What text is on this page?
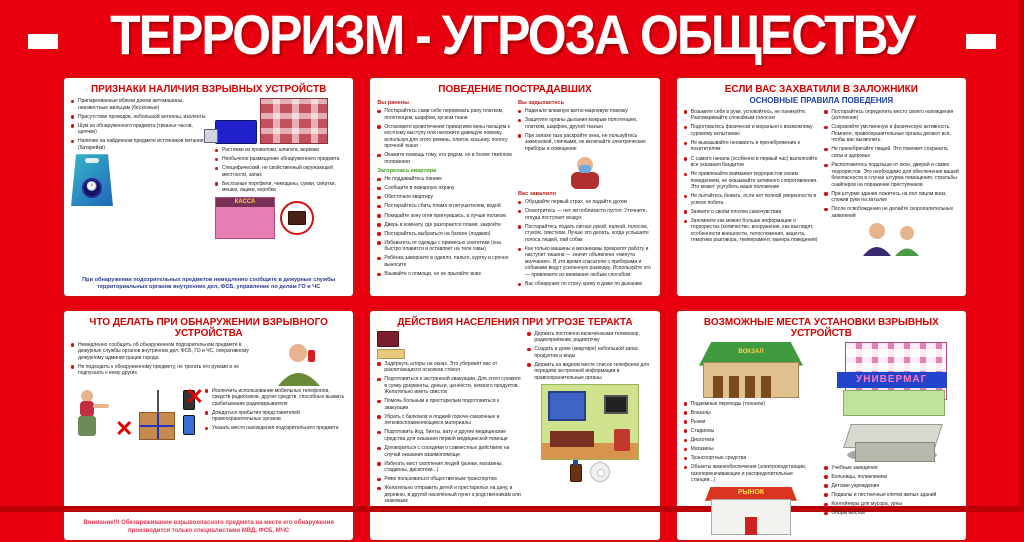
ТЕРРОРИЗМ - УГРОЗА ОБЩЕСТВУ
ПРИЗНАКИ НАЛИЧИЯ ВЗРЫВНЫХ УСТРОЙСТВ
Припаркованные вблизи домов автомашины, неизвестные жильцам (бесхозные)
Присутствие проводов, небольшой антенны, изоленты
Шум из обнаруженного предмета (тиканье часов, щелчки)
Наличие на найденном предмете источников питания (батарейки)
🕐	Растяжки из проволоки, шпагата, верёвки
Необычное размещение обнаруженного предмета
Специфический, не свойственный окружающей местности, запах
Бесхозные портфели, чемоданы, сумки, свёртки, мешки, ящики, коробки
КАССА
При обнаружении подозрительных предметов немедленно сообщите в дежурные службы территориальных органов внутренних дел, ФСБ, управление по делам ГО и ЧС
ПОВЕДЕНИЕ ПОСТРАДАВШИХ
Вы ранены
Постарайтесь сами себе перевязать рану платком, полотенцем, шарфом, куском ткани
Остановите кровотечение прижатием вены пальцем к костному выступу или наложите давящую повязку, используя для этого ремень, платок, косынку, полосу прочной ткани
Окажите помощь тому, кто рядом, но в более тяжёлом положении
Загорелась квартира
Не поддавайтесь панике
Сообщите в пожарную охрану
Обесточьте квартиру
Постарайтесь сбить пламя огнетушителем, водой
Покидайте зону огня пригнувшись, а лучше ползком
Дверь в комнату, где разгорается пламя, закройте
Постарайтесь выбраться на балкон (лоджию)
Избавьтесь от одежды с примесью синтетики (она быстро плавится и оставляет на теле язвы)
Ребёнка заверните в одеяло, пальто, куртку и срочно выносите
Взывайте о помощи, но не прыгайте вниз
Вы задыхаетесь
Наденьте влажную ватно-марлевую повязку
Защитите органы дыхания мокрым полотенцем, платком, шарфом, другой тканью
При запахе газа раскройте окна, не пользуйтесь зажигалкой, спичками, не включайте электрические приборы и освещение
Вас завалило
Обуздайте первый страх, не падайте духом
Осмотритесь — нет ли поблизости пустот. Уточните, откуда поступает воздух
Постарайтесь подать сигнал рукой, палкой, голосом, стуком, свистком. Лучше это делать, когда услышите голоса людей, лай собак
Как только машины и механизмы прекратят работу и наступит тишина — значит объявлена «минута молчания». В это время спасатели с приборами и собаками ведут усиленную разведку. Используйте это — привлеките их внимание любым способом
Вас обнаружат по стону, крику и даже по дыханию
ЕСЛИ ВАС ЗАХВАТИЛИ В ЗАЛОЖНИКИ
ОСНОВНЫЕ ПРАВИЛА ПОВЕДЕНИЯ
Возьмите себя в руки, успокойтесь, не паникуйте. Разговаривайте спокойным голосом
Подготовьтесь физически и морально к возможному суровому испытанию
Не выказывайте ненависть и пренебрежение к похитителям
С самого начала (особенно в первый час) выполняйте все указания бандитов
Не привлекайте внимания террористов своим поведением, не оказывайте активного сопротивления. Это может усугубить ваше положение
Не пытайтесь бежать, если нет полной уверенности в успехе побега
Заявите о своём плохом самочувствии
Запомните как можно больше информации о террористах (количество, вооружение, как выглядят, особенности внешности, телосложения, акцента, тематика разговора, темперамент, манера поведения)
Постарайтесь определить место своего нахождения (заточения)
Сохраняйте умственную и физическую активность. Помните, правоохранительные органы делают всё, чтобы вас вызволить
Не пренебрегайте пищей. Это поможет сохранить силы и здоровье
Расположитесь подальше от окон, дверей и самих террористов. Это необходимо для обеспечения вашей безопасности в случае штурма помещения, стрельбы снайперов на поражение преступников
При штурме здания ложитесь на пол лицом вниз, сложив руки на затылке
После освобождения не делайте скоропалительных заявлений
ЧТО ДЕЛАТЬ ПРИ ОБНАРУЖЕНИИ ВЗРЫВНОГО УСТРОЙСТВА
Немедленно сообщить об обнаруженном подозрительном предмете в дежурные службы органов внутренних дел, ФСБ, ГО и ЧС, оперативному дежурному администрации города
Не подходить к обнаруженному предмету, не трогать его руками и не подпускать к нему других
✕

✕	Исключить использование мобильных телефонов, средств радиосвязи, других средств, способных вызвать срабатывание радиовзрывателя
Дождаться прибытия представителей правоохранительных органов
Указать место нахождения подозрительного предмета
Внимание!!! Обезвреживание взрывоопасного предмета на месте его обнаружения производится только специалистами МВД, ФСБ, МЧС
ДЕЙСТВИЯ НАСЕЛЕНИЯ ПРИ УГРОЗЕ ТЕРАКТА
Задёрнуть шторы на окнах. Это убережёт вас от разлетающихся осколков стёкол
Подготовиться к экстренной эвакуации. Для этого сложите в сумку документы, деньги, ценности, немного продуктов. Желательно иметь свисток
Помочь больным и престарелым подготовиться к эвакуации
Убрать с балконов и лоджий горюче-смазочные и легковоспламеняющиеся материалы
Подготовить йод, бинты, вату и другие медицинские средства для оказания первой медицинской помощи
Договориться с соседями о совместных действиях на случай оказания взаимопомощи
Избегать мест скопления людей (рынки, магазины, стадионы, дискотеки...)
Реже пользоваться общественным транспортом
Желательно отправить детей и престарелых на дачу, в деревню, в другой населённый пункт к родственникам или знакомым
Держать постоянно включёнными телевизор, радиоприёмник, радиоточку
Создать в доме (квартире) небольшой запас продуктов и воды
Держать на видном месте список телефонов для передачи экстренной информации в правоохранительные органы
ВОЗМОЖНЫЕ МЕСТА УСТАНОВКИ ВЗРЫВНЫХ УСТРОЙСТВ
ВОКЗАЛ
Подземные переходы (тоннели)
Вокзалы
Рынки
Стадионы
Дискотеки
Магазины
Транспортные средства
Объекты жизнеобеспечения (электроподстанции, газоперекачивающие и распределительные станции...)
РЫНОК
УНИВЕРМАГ
Учебные заведения
Больницы, поликлиники
Детские учреждения
Подвалы и лестничные клетки жилых зданий
Контейнеры для мусора, урны
Опоры мостов
